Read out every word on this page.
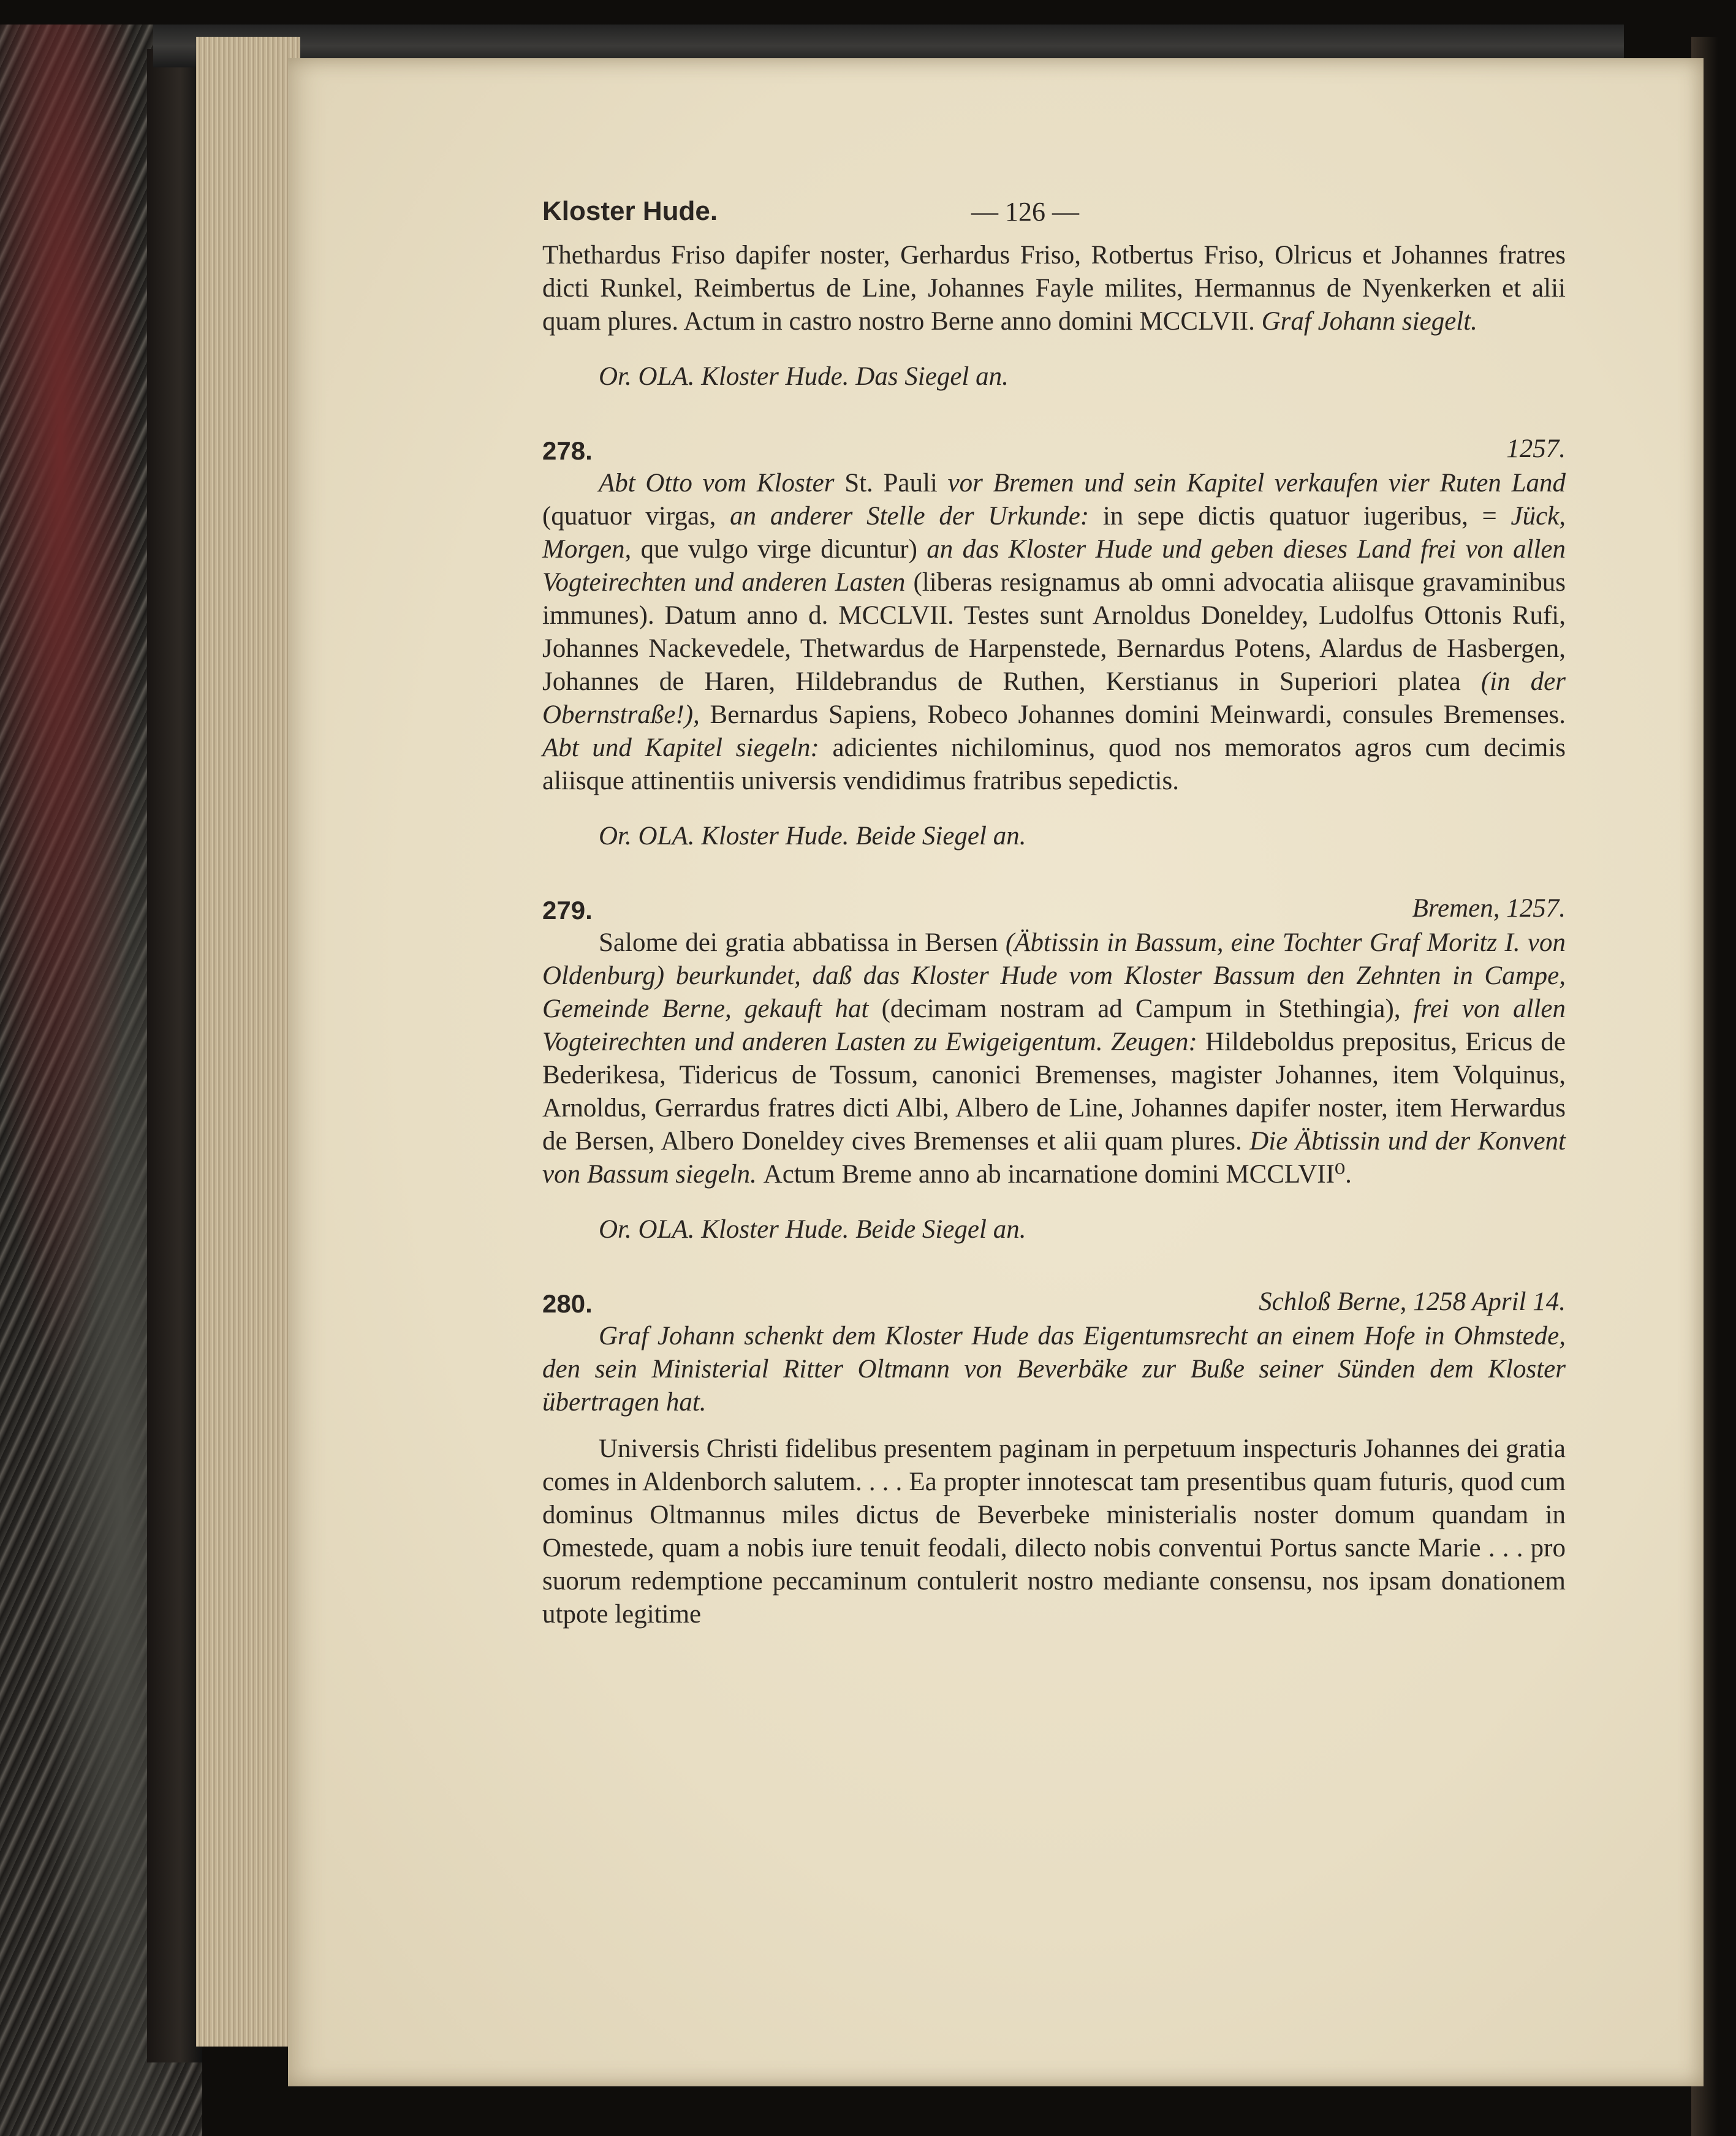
Kloster Hude.	— 126 —

Thethardus Friso dapifer noster, Gerhardus Friso, Rotbertus Friso, Olricus et Johannes fratres dicti Runkel, Reimbertus de Line, Johannes Fayle milites, Hermannus de Nyenkerken et alii quam plures. Actum in castro nostro Berne anno domini MCCLVII. Graf Johann siegelt.

Or. OLA. Kloster Hude. Das Siegel an.

278.	1257.

Abt Otto vom Kloster St. Pauli vor Bremen und sein Kapitel verkaufen vier Ruten Land (quatuor virgas, an anderer Stelle der Urkunde: in sepe dictis quatuor iugeribus, = Jück, Morgen, que vulgo virge dicuntur) an das Kloster Hude und geben dieses Land frei von allen Vogteirechten und anderen Lasten (liberas resignamus ab omni advocatia aliisque gravaminibus immunes). Datum anno d. MCCLVII. Testes sunt Arnoldus Doneldey, Ludolfus Ottonis Rufi, Johannes Nackevedele, Thetwardus de Harpenstede, Bernardus Potens, Alardus de Hasbergen, Johannes de Haren, Hildebrandus de Ruthen, Kerstianus in Superiori platea (in der Obernstraße!), Bernardus Sapiens, Robeco Johannes domini Meinwardi, consules Bremenses. Abt und Kapitel siegeln: adicientes nichilominus, quod nos memoratos agros cum decimis aliisque attinentiis universis vendidimus fratribus sepedictis.

Or. OLA. Kloster Hude. Beide Siegel an.

279.	Bremen, 1257.

Salome dei gratia abbatissa in Bersen (Äbtissin in Bassum, eine Tochter Graf Moritz I. von Oldenburg) beurkundet, daß das Kloster Hude vom Kloster Bassum den Zehnten in Campe, Gemeinde Berne, gekauft hat (decimam nostram ad Campum in Stethingia), frei von allen Vogteirechten und anderen Lasten zu Ewigeigentum. Zeugen: Hildeboldus prepositus, Ericus de Bederikesa, Tidericus de Tossum, canonici Bremenses, magister Johannes, item Volquinus, Arnoldus, Gerrardus fratres dicti Albi, Albero de Line, Johannes dapifer noster, item Herwardus de Bersen, Albero Doneldey cives Bremenses et alii quam plures. Die Äbtissin und der Konvent von Bassum siegeln. Actum Breme anno ab incarnatione domini MCCLVII⁰.

Or. OLA. Kloster Hude. Beide Siegel an.

280.	Schloß Berne, 1258 April 14.

Graf Johann schenkt dem Kloster Hude das Eigentumsrecht an einem Hofe in Ohmstede, den sein Ministerial Ritter Oltmann von Beverbäke zur Buße seiner Sünden dem Kloster übertragen hat.

Universis Christi fidelibus presentem paginam in perpetuum inspecturis Johannes dei gratia comes in Aldenborch salutem. . . . Ea propter innotescat tam presentibus quam futuris, quod cum dominus Oltmannus miles dictus de Beverbeke ministerialis noster domum quandam in Omestede, quam a nobis iure tenuit feodali, dilecto nobis conventui Portus sancte Marie . . . pro suorum redemptione peccaminum contulerit nostro mediante consensu, nos ipsam donationem utpote legitime
